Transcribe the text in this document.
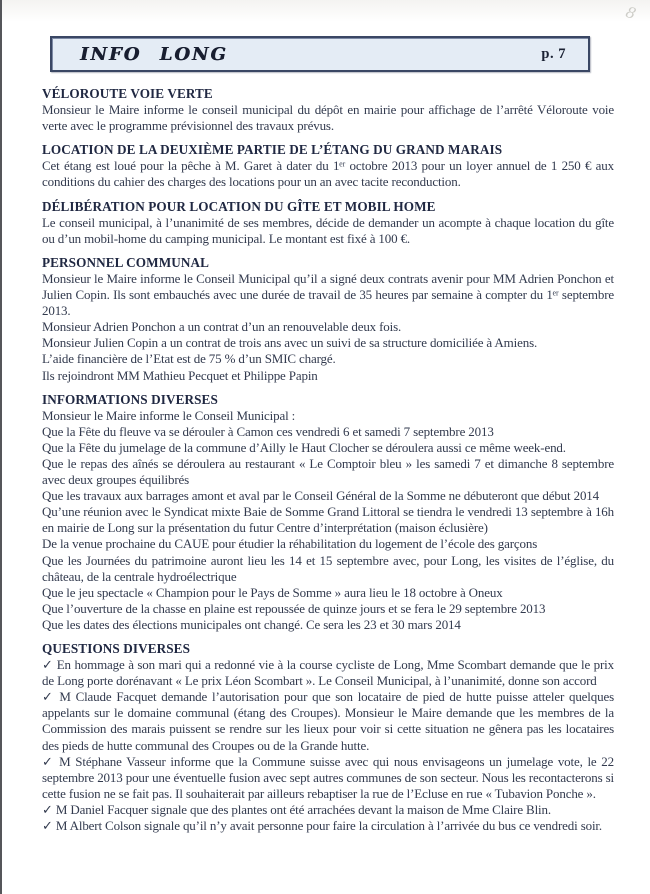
8
INFO LONG	p. 7
VÉLOROUTE VOIE VERTE

Monsieur le Maire informe le conseil municipal du dépôt en mairie pour affichage de l’arrêté Véloroute voie verte avec le programme prévisionnel des travaux prévus.

LOCATION DE LA DEUXIÈME PARTIE DE L’ÉTANG DU GRAND MARAIS

Cet étang est loué pour la pêche à M. Garet à dater du 1ᵉʳ octobre 2013 pour un loyer annuel de 1 250 € aux conditions du cahier des charges des locations pour un an avec tacite reconduction.

DÉLIBÉRATION POUR LOCATION DU GÎTE ET MOBIL HOME

Le conseil municipal, à l’unanimité de ses membres, décide de demander un acompte à chaque location du gîte ou d’un mobil-home du camping municipal. Le montant est fixé à 100 €.

PERSONNEL COMMUNAL

Monsieur le Maire informe le Conseil Municipal qu’il a signé deux contrats avenir pour MM Adrien Ponchon et Julien Copin. Ils sont embauchés avec une durée de travail de 35 heures par semaine à compter du 1ᵉʳ septembre 2013.

Monsieur Adrien Ponchon a un contrat d’un an renouvelable deux fois.

Monsieur Julien Copin a un contrat de trois ans avec un suivi de sa structure domiciliée à Amiens.

L’aide financière de l’Etat est de 75 % d’un SMIC chargé.

Ils rejoindront MM Mathieu Pecquet et Philippe Papin

INFORMATIONS DIVERSES

Monsieur le Maire informe le Conseil Municipal :

Que la Fête du fleuve va se dérouler à Camon ces vendredi 6 et samedi 7 septembre 2013

Que la Fête du jumelage de la commune d’Ailly le Haut Clocher se déroulera aussi ce même week-end.

Que le repas des aînés se déroulera au restaurant « Le Comptoir bleu » les samedi 7 et dimanche 8 septembre avec deux groupes équilibrés

Que les travaux aux barrages amont et aval par le Conseil Général de la Somme ne débuteront que début 2014

Qu’une réunion avec le Syndicat mixte Baie de Somme Grand Littoral se tiendra le vendredi 13 septembre à 16h en mairie de Long sur la présentation du futur Centre d’interprétation (maison éclusière)

De la venue prochaine du CAUE pour étudier la réhabilitation du logement de l’école des garçons

Que les Journées du patrimoine auront lieu les 14 et 15 septembre avec, pour Long, les visites de l’église, du château, de la centrale hydroélectrique

Que le jeu spectacle « Champion pour le Pays de Somme » aura lieu le 18 octobre à Oneux

Que l’ouverture de la chasse en plaine est repoussée de quinze jours et se fera le 29 septembre 2013

Que les dates des élections municipales ont changé. Ce sera les 23 et 30 mars 2014

QUESTIONS DIVERSES

✓ En hommage à son mari qui a redonné vie à la course cycliste de Long, Mme Scombart demande que le prix de Long porte dorénavant « Le prix Léon Scombart ». Le Conseil Municipal, à l’unanimité, donne son accord

✓ M Claude Facquet demande l’autorisation pour que son locataire de pied de hutte puisse atteler quelques appelants sur le domaine communal (étang des Croupes). Monsieur le Maire demande que les membres de la Commission des marais puissent se rendre sur les lieux pour voir si cette situation ne gênera pas les locataires des pieds de hutte communal des Croupes ou de la Grande hutte.

✓ M Stéphane Vasseur informe que la Commune suisse avec qui nous envisageons un jumelage vote, le 22 septembre 2013 pour une éventuelle fusion avec sept autres communes de son secteur. Nous les recontacterons si cette fusion ne se fait pas. Il souhaiterait par ailleurs rebaptiser la rue de l’Ecluse en rue « Tubavion Ponche ».

✓ M Daniel Facquer signale que des plantes ont été arrachées devant la maison de Mme Claire Blin.

✓ M Albert Colson signale qu’il n’y avait personne pour faire la circulation à l’arrivée du bus ce vendredi soir.
